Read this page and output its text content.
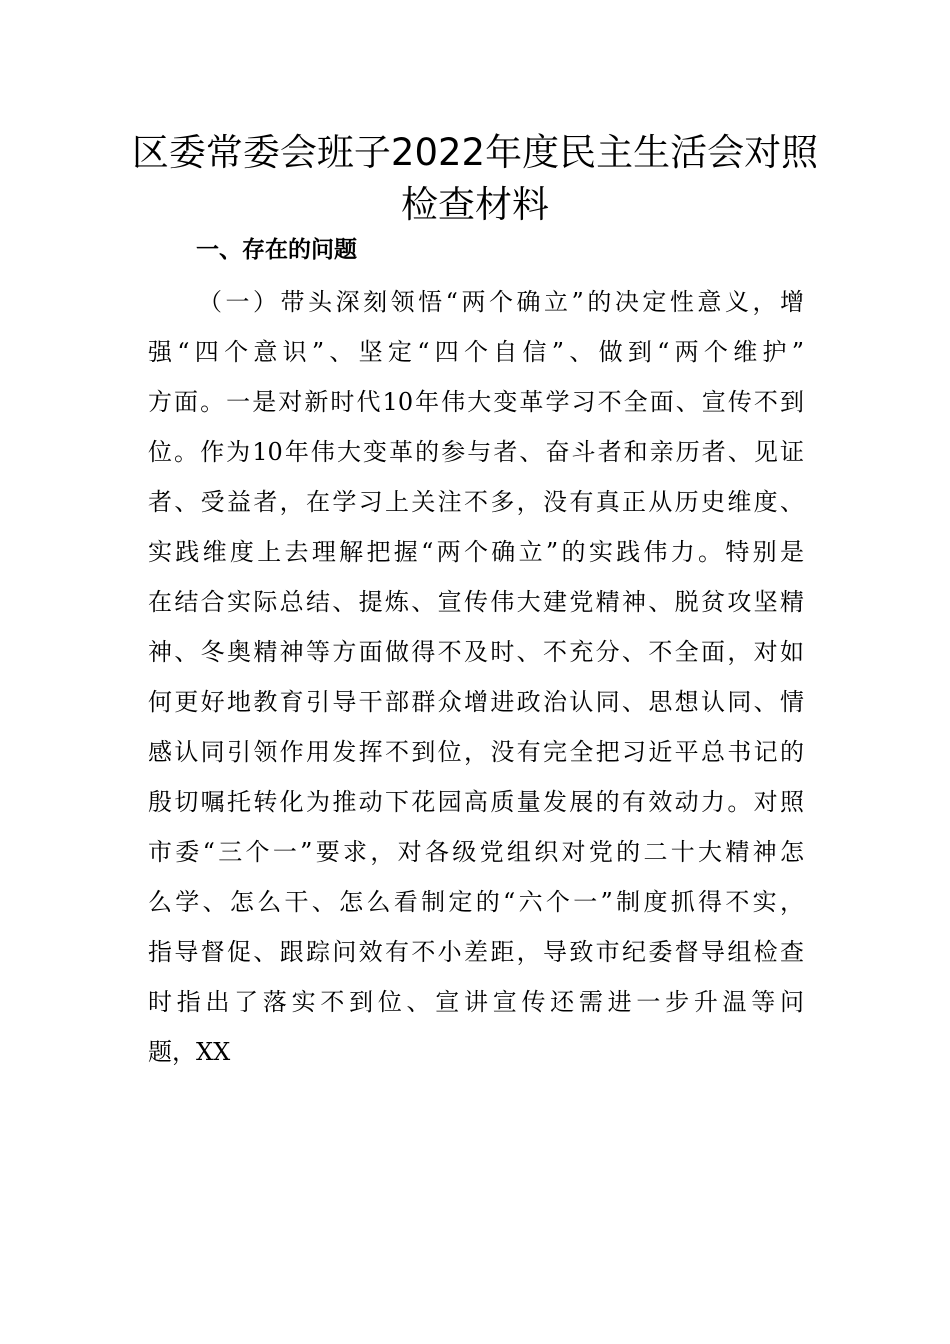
区委常委会班子2022年度民主生活会对照
检查材料
一、存在的问题
（一）带头深刻领悟“两个确立”的决定性意义，增
强“四个意识”、坚定“四个自信”、做到“两个维护”
方面。一是对新时代10年伟大变革学习不全面、宣传不到
位。作为10年伟大变革的参与者、奋斗者和亲历者、见证
者、受益者，在学习上关注不多，没有真正从历史维度、
实践维度上去理解把握“两个确立”的实践伟力。特别是
在结合实际总结、提炼、宣传伟大建党精神、脱贫攻坚精
神、冬奥精神等方面做得不及时、不充分、不全面，对如
何更好地教育引导干部群众增进政治认同、思想认同、情
感认同引领作用发挥不到位，没有完全把习近平总书记的
殷切嘱托转化为推动下花园高质量发展的有效动力。对照
市委“三个一”要求，对各级党组织对党的二十大精神怎
么学、怎么干、怎么看制定的“六个一”制度抓得不实，
指导督促、跟踪问效有不小差距，导致市纪委督导组检查
时指出了落实不到位、宣讲宣传还需进一步升温等问
题，XX
